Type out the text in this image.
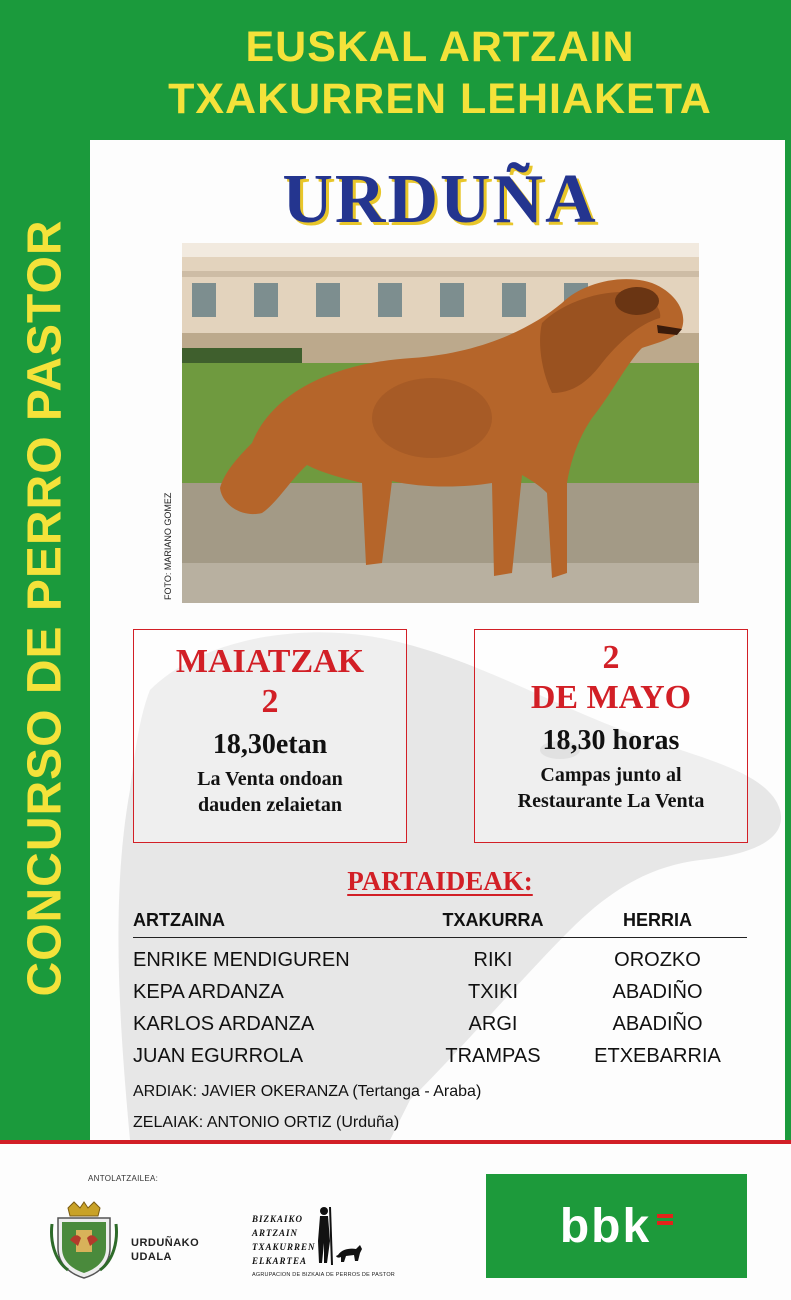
EUSKAL ARTZAIN
TXAKURREN LEHIAKETA
CONCURSO DE PERRO PASTOR
URDUÑA
FOTO: MARIANO GOMEZ
MAIATZAK
2
18,30etan
La Venta ondoan
dauden zelaietan
2
DE MAYO
18,30 horas
Campas junto al
Restaurante La Venta
PARTAIDEAK:
ARTZAINA	TXAKURRA	HERRIA
ENRIKE MENDIGUREN	RIKI	OROZKO
KEPA ARDANZA	TXIKI	ABADIÑO
KARLOS ARDANZA	ARGI	ABADIÑO
JUAN EGURROLA	TRAMPAS	ETXEBARRIA
ARDIAK: JAVIER OKERANZA (Tertanga - Araba)
ZELAIAK: ANTONIO ORTIZ (Urduña)
ANTOLATZAILEA:
URDUÑAKO
UDALA
BIZKAIKO
ARTZAIN
TXAKURREN
ELKARTEA
AGRUPACION DE BIZKAIA DE PERROS DE PASTOR
bbk
